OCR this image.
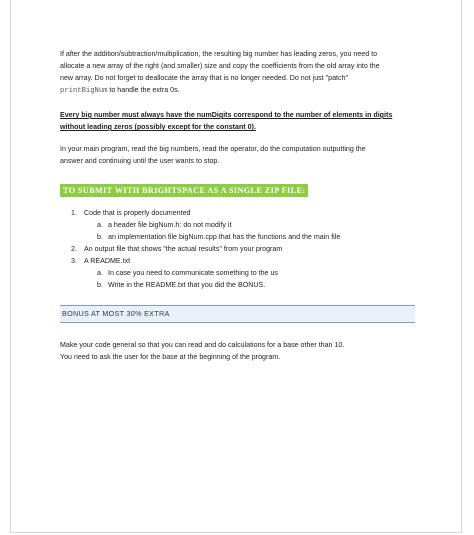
If after the addition/subtraction/multiplication, the resulting big number has leading zeros, you need to
allocate a new array of the right (and smaller) size and copy the coefficients from the old array into the
new array. Do not forget to deallocate the array that is no longer needed. Do not just "patch"
printBigNum to handle the extra 0s.

Every big number must always have the numDigits correspond to the number of elements in digits
without leading zeros (possibly except for the constant 0).

In your main program, read the big numbers, read the operator, do the computation outputting the
answer and continuing until the user wants to stop.

TO SUBMIT WITH BRIGHTSPACE AS A SINGLE ZIP FILE:
1. Code that is properly documented
a. a header file bigNum.h: do not modify it
b. an implementation file bigNum.cpp that has the functions and the main file
2. An output file that shows "the actual results" from your program
3. A README.txt
a. In case you need to communicate something to the us
b. Write in the README.txt that you did the BONUS.
BONUS AT MOST 30% EXTRA

Make your code general so that you can read and do calculations for a base other than 10.
You need to ask the user for the base at the beginning of the program.
